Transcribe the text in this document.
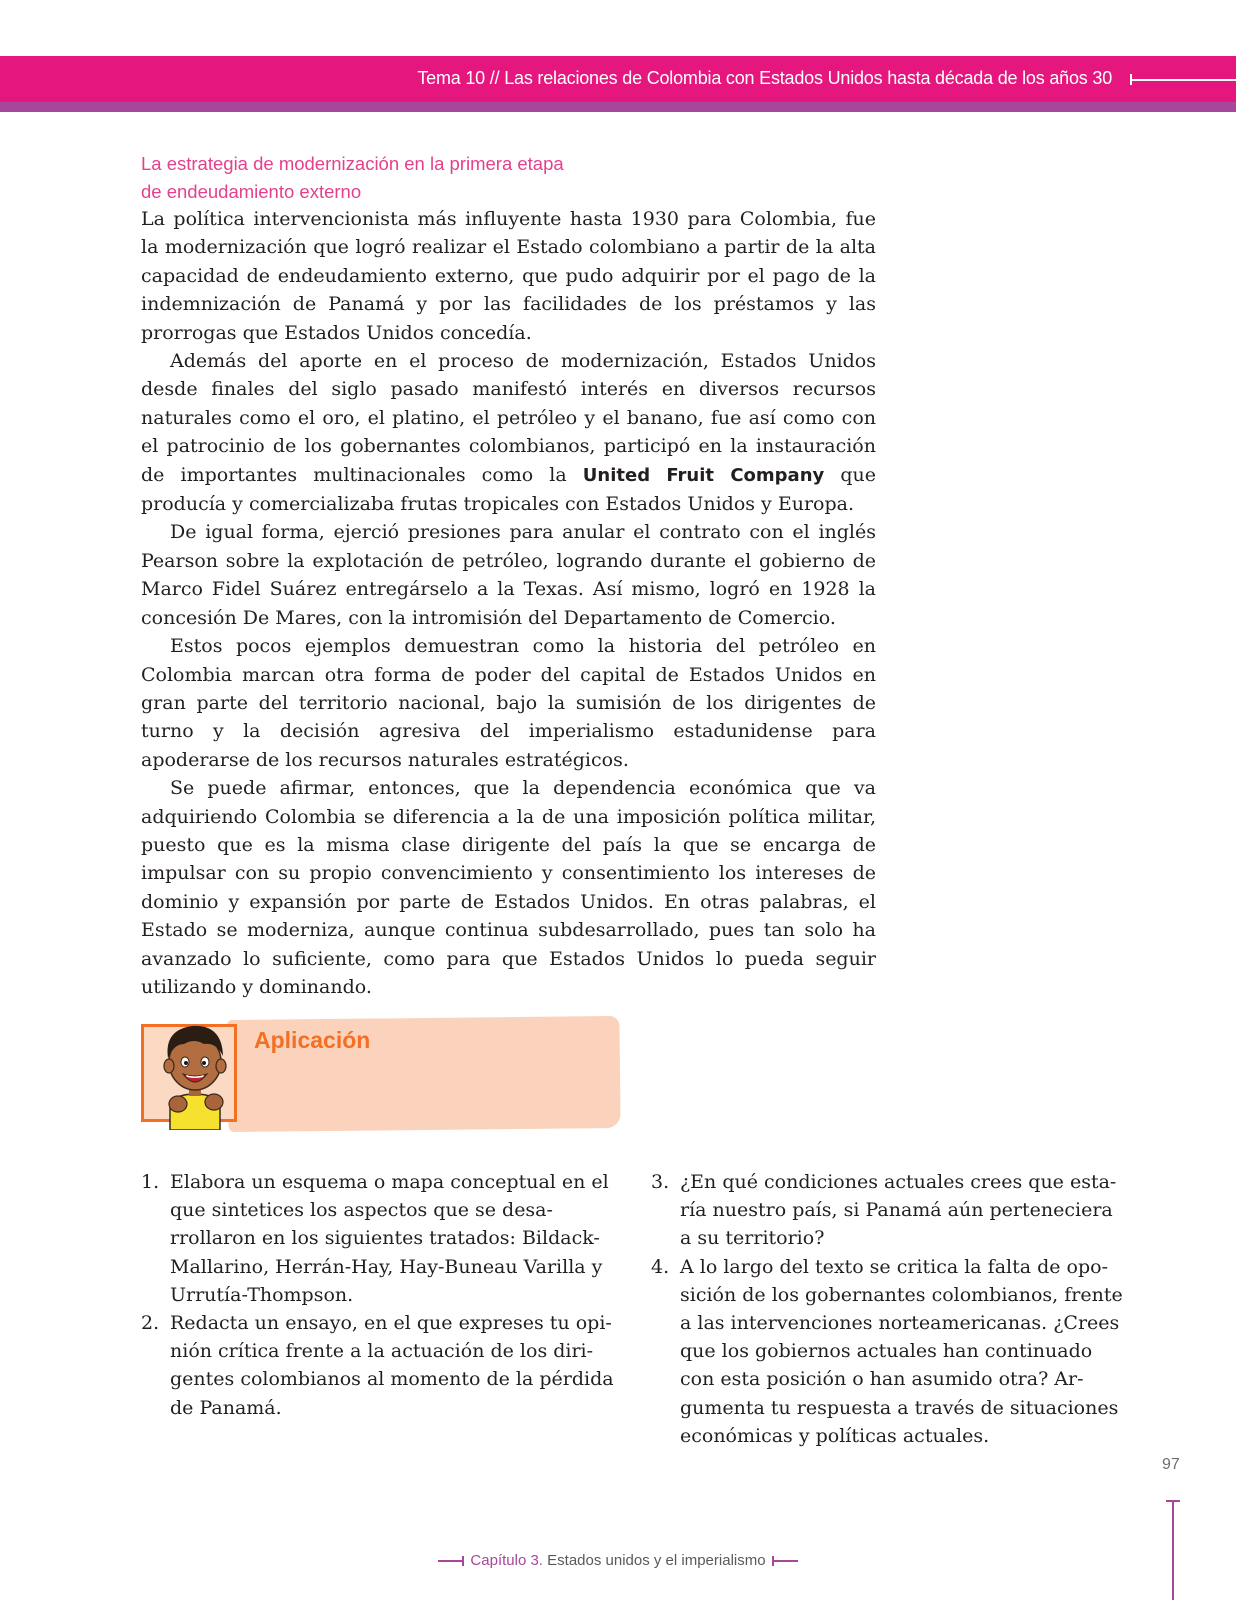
Tema 10 // Las relaciones de Colombia con Estados Unidos hasta década de los años 30
La estrategia de modernización en la primera etapa
de endeudamiento externo

La política intervencionista más influyente hasta 1930 para Colombia, fue la modernización que logró realizar el Estado colombiano a partir de la alta capacidad de endeudamiento externo, que pudo adquirir por el pago de la indemnización de Panamá y por las facilidades de los préstamos y las prorrogas que Estados Unidos concedía.

Además del aporte en el proceso de modernización, Estados Unidos desde finales del siglo pasado manifestó interés en diversos recursos naturales como el oro, el platino, el petróleo y el banano, fue así como con el patrocinio de los gobernantes colombianos, participó en la instauración de importantes multinacionales como la United Fruit Company que producía y comercializaba frutas tropicales con Estados Unidos y Europa.

De igual forma, ejerció presiones para anular el contrato con el inglés Pearson sobre la explotación de petróleo, logrando durante el gobierno de Marco Fidel Suárez entregárselo a la Texas. Así mismo, logró en 1928 la concesión De Mares, con la intromisión del Departamento de Comercio.

Estos pocos ejemplos demuestran como la historia del petróleo en Colombia marcan otra forma de poder del capital de Estados Unidos en gran parte del territorio nacional, bajo la sumisión de los dirigentes de turno y la decisión agresiva del imperialismo estadunidense para apoderarse de los recursos naturales estratégicos.

Se puede afirmar, entonces, que la dependencia económica que va adquiriendo Colombia se diferencia a la de una imposición política militar, puesto que es la misma clase dirigente del país la que se encarga de impulsar con su propio convencimiento y consentimiento los intereses de dominio y expansión por parte de Estados Unidos. En otras palabras, el Estado se moderniza, aunque continua subdesarrollado, pues tan solo ha avanzado lo suficiente, como para que Estados Unidos lo pueda seguir utilizando y dominando.

Aplicación
1. Elabora un esquema o mapa conceptual en el que sintetices los aspectos que se desarrollaron en los siguientes tratados: Bildack-Mallarino, Herrán-Hay, Hay-Buneau Varilla y Urrutía-Thompson.
2. Redacta un ensayo, en el que expreses tu opinión crítica frente a la actuación de los dirigentes colombianos al momento de la pérdida de Panamá.
3. ¿En qué condiciones actuales crees que estaría nuestro país, si Panamá aún perteneciera a su territorio?
4. A lo largo del texto se critica la falta de oposición de los gobernantes colombianos, frente a las intervenciones norteamericanas. ¿Crees que los gobiernos actuales han continuado con esta posición o han asumido otra? Argumenta tu respuesta a través de situaciones económicas y políticas actuales.
97
Capítulo 3. Estados unidos y el imperialismo
